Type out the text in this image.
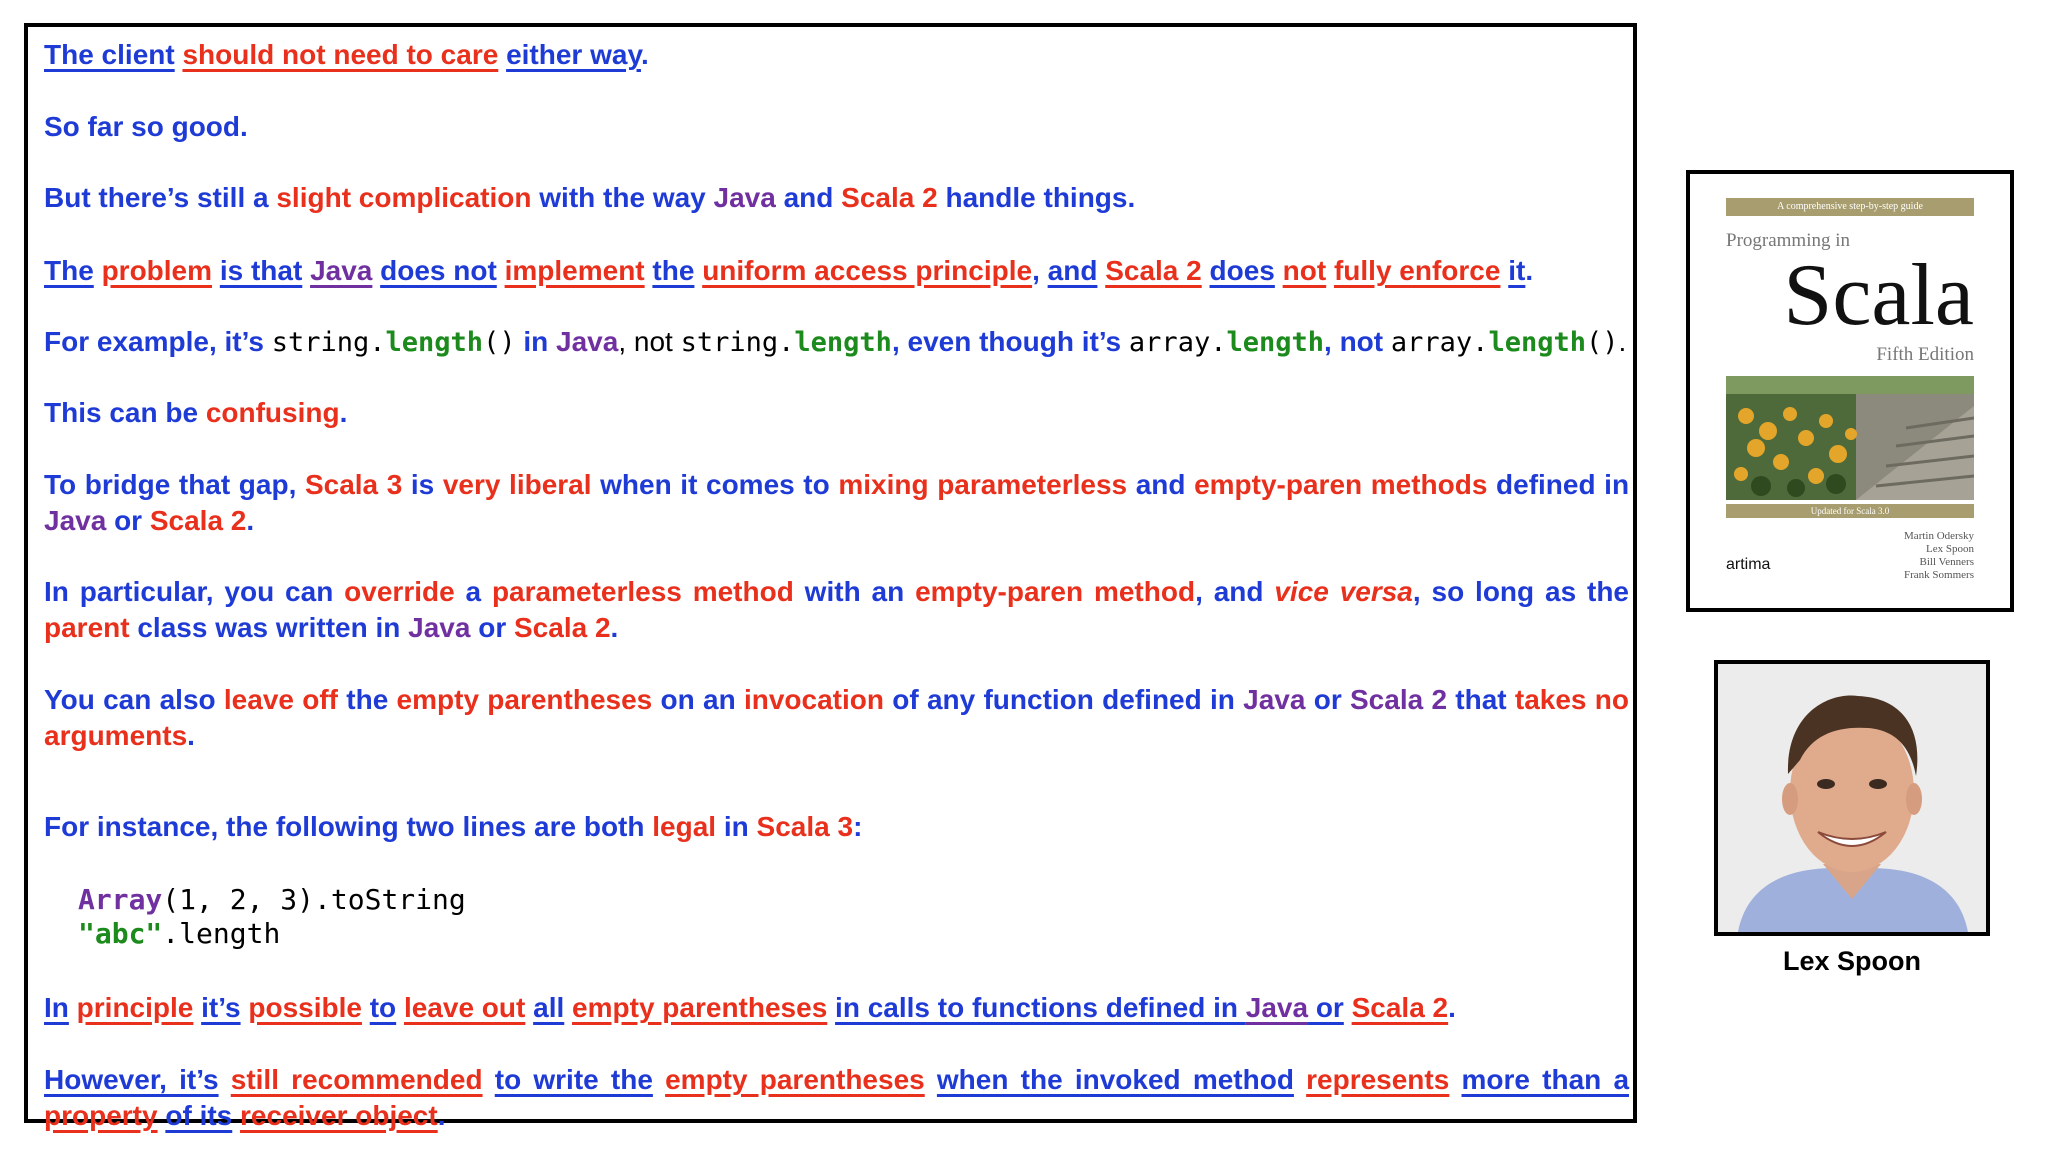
The client should not need to care either way.

So far so good.

But there’s still a slight complication with the way Java and Scala 2 handle things.

The problem is that Java does not implement the uniform access principle, and Scala 2 does not fully enforce it.

For example, it’s string.length() in Java, not string.length, even though it’s array.length, not array.length().

This can be confusing.

To bridge that gap, Scala 3 is very liberal when it comes to mixing parameterless and empty-paren methods defined in Java or Scala 2.

In particular, you can override a parameterless method with an empty-paren method, and vice versa, so long as the parent class was written in Java or Scala 2.

You can also leave off the empty parentheses on an invocation of any function defined in Java or Scala 2 that takes no arguments.

For instance, the following two lines are both legal in Scala 3:

Array(1, 2, 3).toString
"abc".length

In principle it’s possible to leave out all empty parentheses in calls to functions defined in Java or Scala 2.

However, it’s still recommended to write the empty parentheses when the invoked method represents more than a property of its receiver object.

A comprehensive step-by-step guide
Programming in
Scala
Fifth Edition
Updated for Scala 3.0
artima
Martin Odersky
Lex Spoon
Bill Venners
Frank Sommers
Lex Spoon
